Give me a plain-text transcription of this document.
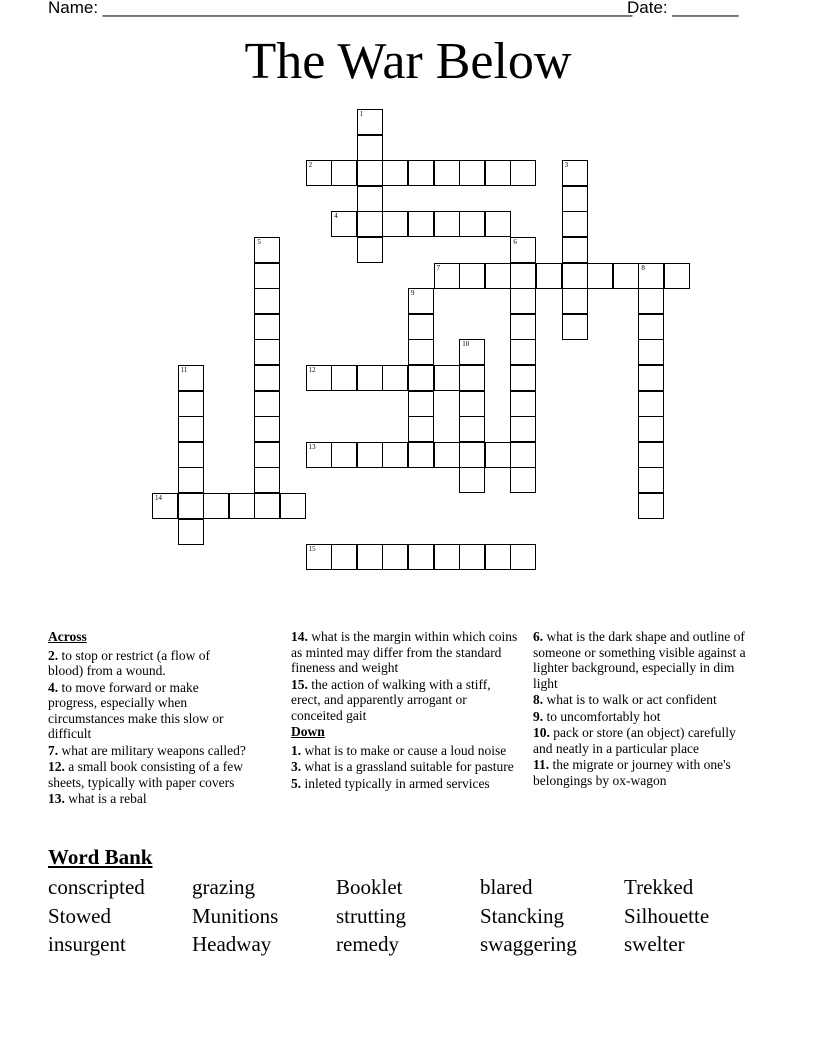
Name: ________________________________________________________
Date: _______
The War Below
1
2	3
4
5	6
7	8
9
10
11	12
13
14
15
Across
2. to stop or restrict (a flow of blood) from a wound.
4. to move forward or make progress, especially when circumstances make this slow or difficult
7. what are military weapons called?
12. a small book consisting of a few sheets, typically with paper covers
13. what is a rebal
14. what is the margin within which coins as minted may differ from the standard fineness and weight
15. the action of walking with a stiff, erect, and apparently arrogant or conceited gait
Down
1. what is to make or cause a loud noise
3. what is a grassland suitable for pasture
5. inleted typically in armed services
6. what is the dark shape and outline of someone or something visible against a lighter background, especially in dim light
8. what is to walk or act confident
9. to uncomfortably hot
10. pack or store (an object) carefully and neatly in a particular place
11. the migrate or journey with one's belongings by ox-wagon
Word Bank
conscripted	grazing	Booklet	blared	Trekked
Stowed	Munitions	strutting	Stancking	Silhouette
insurgent	Headway	remedy	swaggering	swelter
